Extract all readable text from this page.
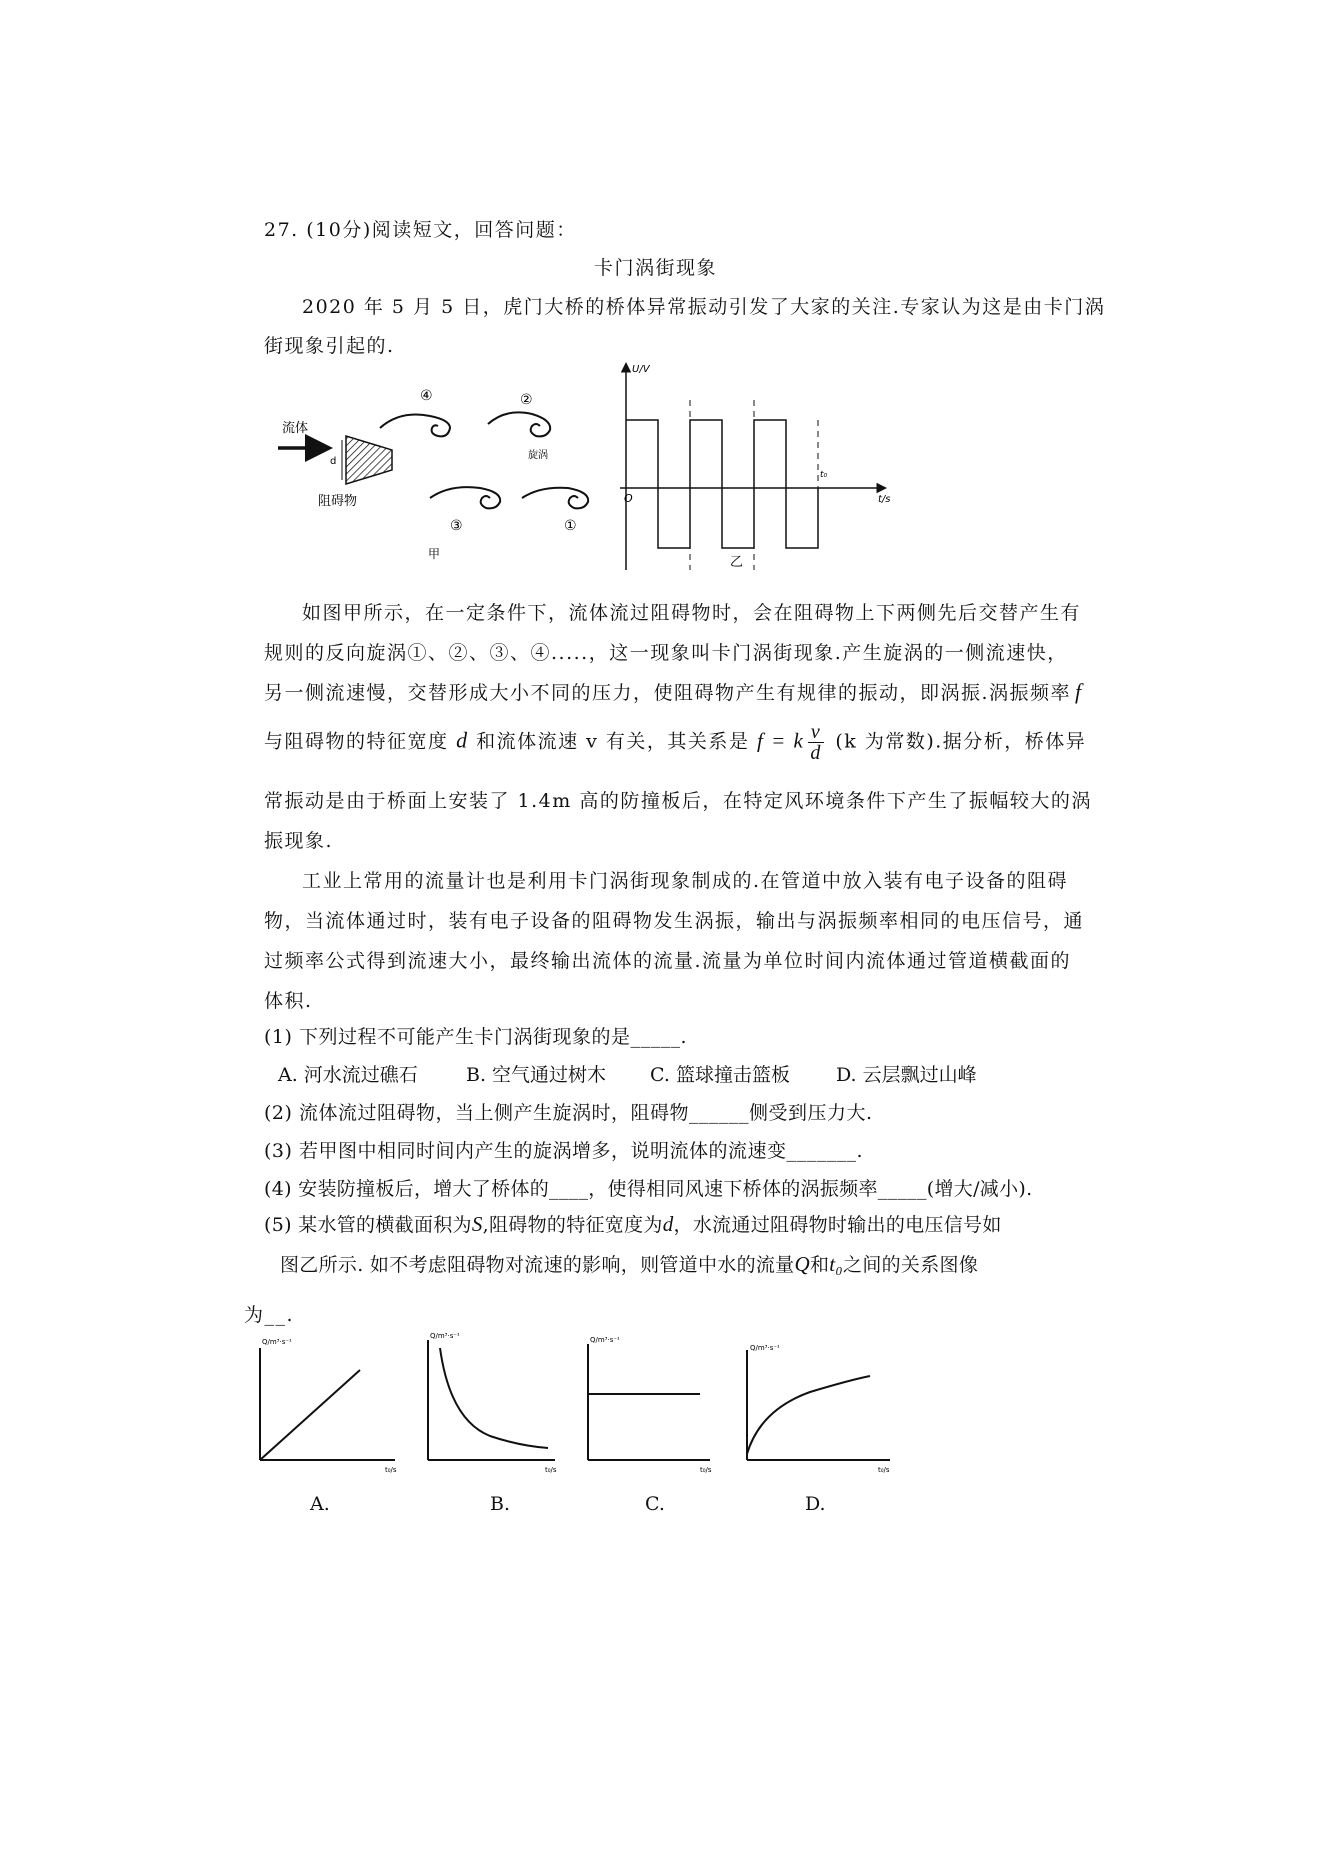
27. (10分)阅读短文，回答问题：
卡门涡街现象
2020 年 5 月 5 日，虎门大桥的桥体异常振动引发了大家的关注.专家认为这是由卡门涡
街现象引起的.
流体
d
阻碍物
④	②
旋涡
③	①
甲
U/V
t/s
O
t₀
乙
如图甲所示，在一定条件下，流体流过阻碍物时，会在阻碍物上下两侧先后交替产生有
规则的反向旋涡①、②、③、④.....，这一现象叫卡门涡街现象.产生旋涡的一侧流速快，
另一侧流速慢，交替形成大小不同的压力，使阻碍物产生有规律的振动，即涡振.涡振频率 f
与阻碍物的特征宽度 d 和流体流速 v 有关，其关系是 f = k $\frac{v}{d} (k$ 为常数).据分析，桥体异
常振动是由于桥面上安装了 1.4m 高的防撞板后，在特定风环境条件下产生了振幅较大的涡
振现象.
工业上常用的流量计也是利用卡门涡街现象制成的.在管道中放入装有电子设备的阻碍
物，当流体通过时，装有电子设备的阻碍物发生涡振，输出与涡振频率相同的电压信号，通
过频率公式得到流速大小，最终输出流体的流量.流量为单位时间内流体通过管道横截面的
体积.
(1) 下列过程不可能产生卡门涡街现象的是_____.
A. 河水流过礁石	B. 空气通过树木 C. 篮球撞击篮板 D. 云层飘过山峰
(2) 流体流过阻碍物，当上侧产生旋涡时，阻碍物______侧受到压力大.
(3) 若甲图中相同时间内产生的旋涡增多，说明流体的流速变_______.
(4) 安装防撞板后，增大了桥体的____，使得相同风速下桥体的涡振频率_____(增大/减小).
(5) 某水管的横截面积为S,阻碍物的特征宽度为d，水流通过阻碍物时输出的电压信号如
图乙所示. 如不考虑阻碍物对流速的影响，则管道中水的流量Q和t₀之间的关系图像
为__.
Q/m³·s⁻¹
t₀/s
Q/m³·s⁻¹
t₀/s
Q/m³·s⁻¹
t₀/s
Q/m³·s⁻¹
t₀/s
A.	B.	C.	D.
